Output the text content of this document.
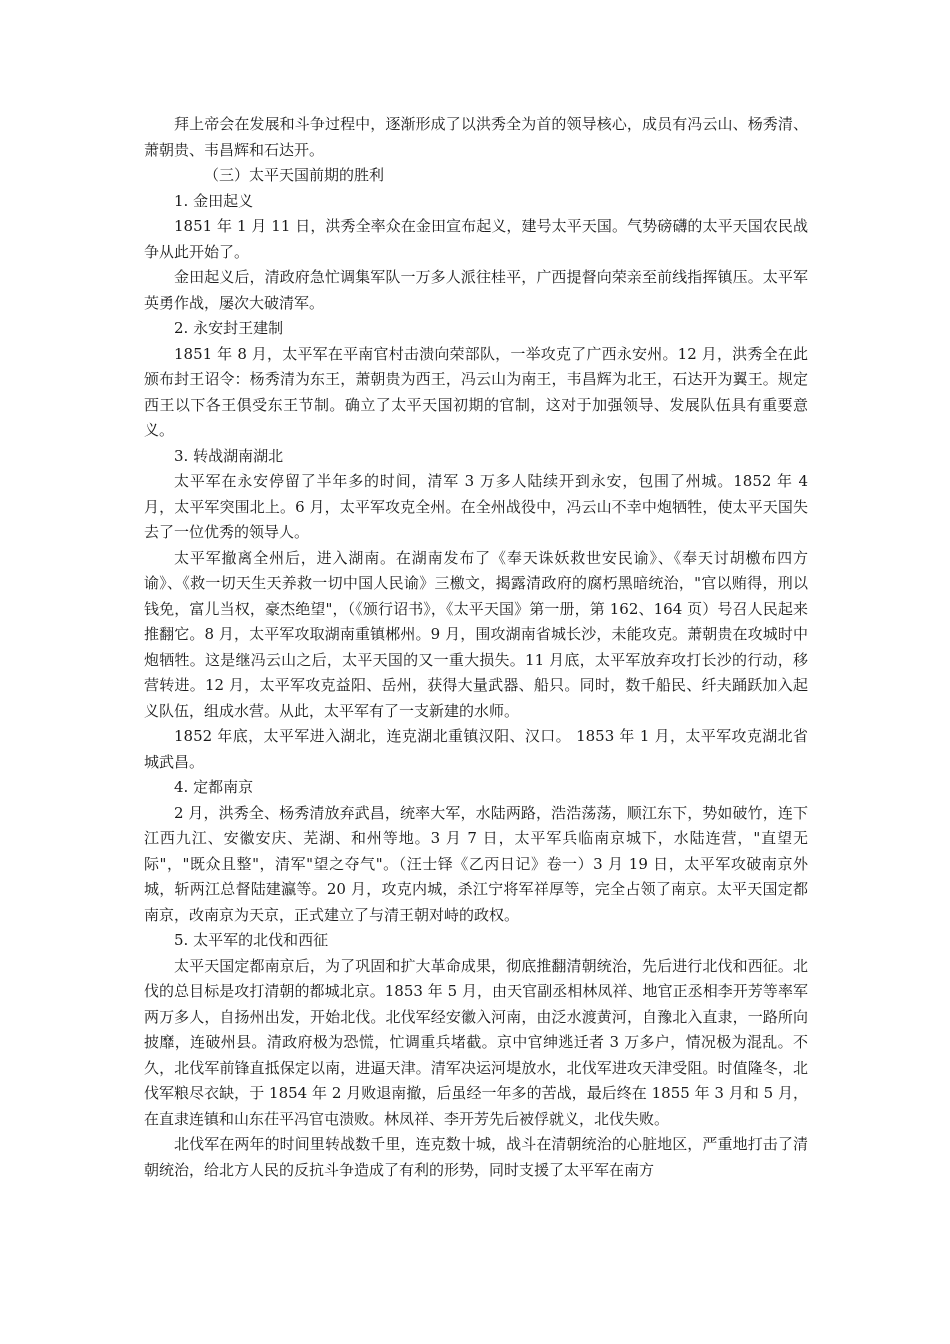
拜上帝会在发展和斗争过程中，逐渐形成了以洪秀全为首的领导核心，成员有冯云山、杨秀清、萧朝贵、韦昌辉和石达开。

（三）太平天国前期的胜利

1. 金田起义

1851 年 1 月 11 日，洪秀全率众在金田宣布起义，建号太平天国。气势磅礴的太平天国农民战争从此开始了。

金田起义后，清政府急忙调集军队一万多人派往桂平，广西提督向荣亲至前线指挥镇压。太平军英勇作战，屡次大破清军。

2. 永安封王建制

1851 年 8 月，太平军在平南官村击溃向荣部队，一举攻克了广西永安州。12 月，洪秀全在此颁布封王诏令：杨秀清为东王，萧朝贵为西王，冯云山为南王，韦昌辉为北王，石达开为翼王。规定西王以下各王俱受东王节制。确立了太平天国初期的官制，这对于加强领导、发展队伍具有重要意义。

3. 转战湖南湖北

太平军在永安停留了半年多的时间，清军 3 万多人陆续开到永安，包围了州城。1852 年 4 月，太平军突围北上。6 月，太平军攻克全州。在全州战役中，冯云山不幸中炮牺牲，使太平天国失去了一位优秀的领导人。

太平军撤离全州后，进入湖南。在湖南发布了《奉天诛妖救世安民谕》、《奉天讨胡檄布四方谕》、《救一切天生天养救一切中国人民谕》三檄文，揭露清政府的腐朽黑暗统治，"官以贿得，刑以钱免，富儿当权，豪杰绝望"，（《颁行诏书》，《太平天国》第一册，第 162、164 页）号召人民起来推翻它。8 月，太平军攻取湖南重镇郴州。9 月，围攻湖南省城长沙，未能攻克。萧朝贵在攻城时中炮牺牲。这是继冯云山之后，太平天国的又一重大损失。11 月底，太平军放弃攻打长沙的行动，移营转进。12 月，太平军攻克益阳、岳州，获得大量武器、船只。同时，数千船民、纤夫踊跃加入起义队伍，组成水营。从此，太平军有了一支新建的水师。

1852 年底，太平军进入湖北，连克湖北重镇汉阳、汉口。 1853 年 1 月，太平军攻克湖北省城武昌。

4. 定都南京

2 月，洪秀全、杨秀清放弃武昌，统率大军，水陆两路，浩浩荡荡，顺江东下，势如破竹，连下江西九江、安徽安庆、芜湖、和州等地。3 月 7 日，太平军兵临南京城下，水陆连营，"直望无际"，"既众且整"，清军"望之夺气"。（汪士铎《乙丙日记》卷一）3 月 19 日，太平军攻破南京外城，斩两江总督陆建瀛等。20 月，攻克内城，杀江宁将军祥厚等，完全占领了南京。太平天国定都南京，改南京为天京，正式建立了与清王朝对峙的政权。

5. 太平军的北伐和西征

太平天国定都南京后，为了巩固和扩大革命成果，彻底推翻清朝统治，先后进行北伐和西征。北伐的总目标是攻打清朝的都城北京。1853 年 5 月，由天官副丞相林凤祥、地官正丞相李开芳等率军两万多人，自扬州出发，开始北伐。北伐军经安徽入河南，由泛水渡黄河，自豫北入直隶，一路所向披靡，连破州县。清政府极为恐慌，忙调重兵堵截。京中官绅逃迁者 3 万多户，情况极为混乱。不久，北伐军前锋直抵保定以南，进逼天津。清军决运河堤放水，北伐军进攻天津受阻。时值隆冬，北伐军粮尽衣缺，于 1854 年 2 月败退南撤，后虽经一年多的苦战，最后终在 1855 年 3 月和 5 月，在直隶连镇和山东茌平冯官屯溃败。林凤祥、李开芳先后被俘就义，北伐失败。

北伐军在两年的时间里转战数千里，连克数十城，战斗在清朝统治的心脏地区，严重地打击了清朝统治，给北方人民的反抗斗争造成了有利的形势，同时支援了太平军在南方
